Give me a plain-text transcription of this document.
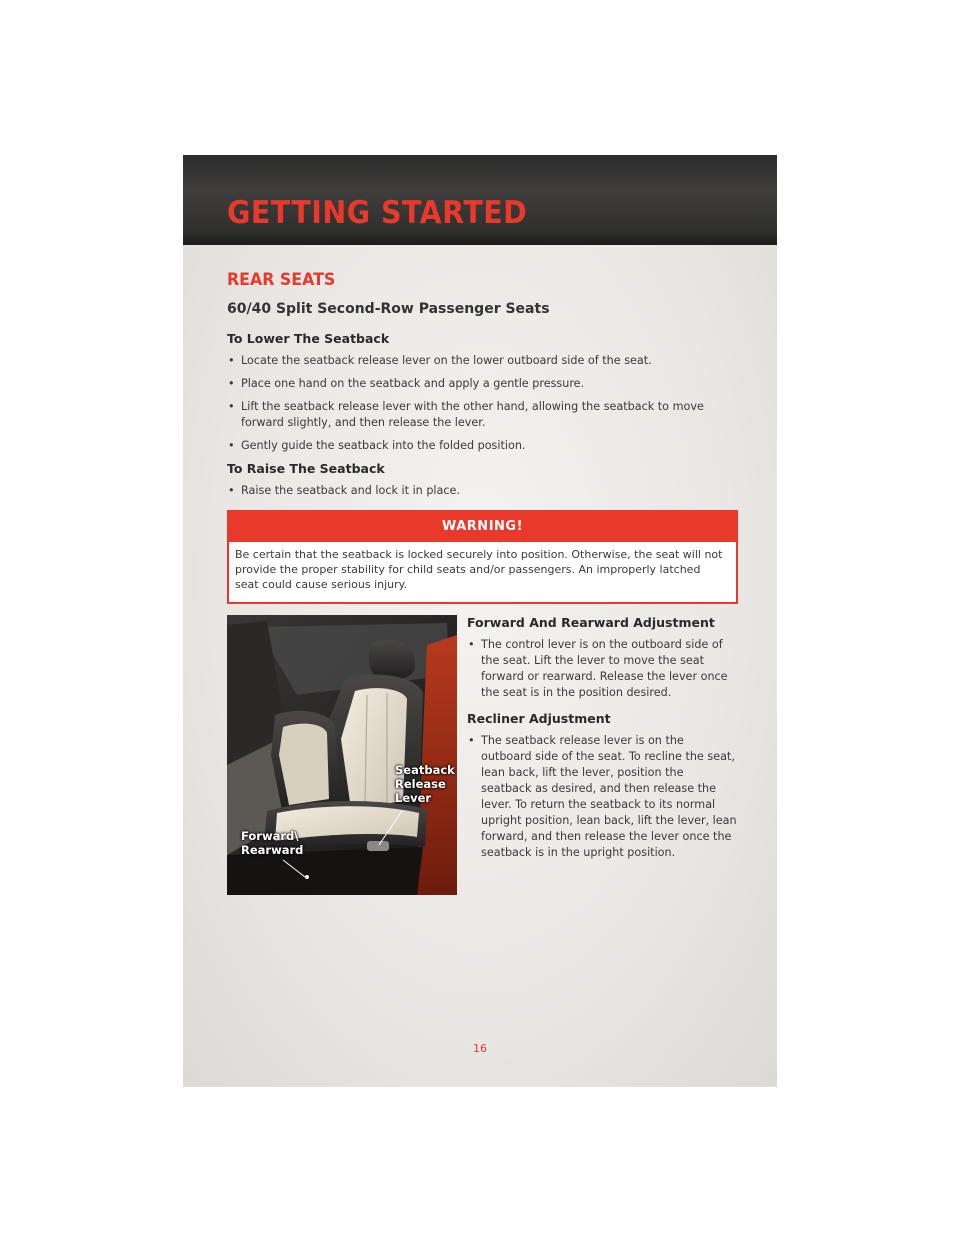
GETTING STARTED
REAR SEATS
60/40 Split Second-Row Passenger Seats
To Lower The Seatback
• Locate the seatback release lever on the lower outboard side of the seat.
• Place one hand on the seatback and apply a gentle pressure.
• Lift the seatback release lever with the other hand, allowing the seatback to move forward slightly, and then release the lever.
• Gently guide the seatback into the folded position.
To Raise The Seatback
• Raise the seatback and lock it in place.
WARNING!
Be certain that the seatback is locked securely into position. Otherwise, the seat will not provide the proper stability for child seats and/or passengers. An improperly latched seat could cause serious injury.
Seatback
Release
Lever
Forward\
Rearward
Forward And Rearward Adjustment
• The control lever is on the outboard side of the seat. Lift the lever to move the seat forward or rearward. Release the lever once the seat is in the position desired.
Recliner Adjustment
• The seatback release lever is on the outboard side of the seat. To recline the seat, lean back, lift the lever, position the seatback as desired, and then release the lever. To return the seatback to its normal upright position, lean back, lift the lever, lean forward, and then release the lever once the seatback is in the upright position.
16
